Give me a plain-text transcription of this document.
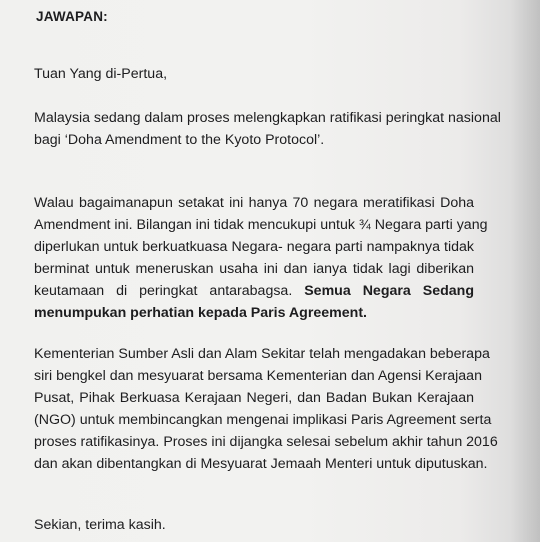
JAWAPAN:
Tuan Yang di-Pertua,
Malaysia sedang dalam proses melengkapkan ratifikasi peringkat nasional
bagi ‘Doha Amendment to the Kyoto Protocol’.
Walau bagaimanapun setakat ini hanya 70 negara meratifikasi Doha
Amendment ini. Bilangan ini tidak mencukupi untuk ¾ Negara parti yang
diperlukan untuk berkuatkuasa Negara- negara parti nampaknya tidak
berminat untuk meneruskan usaha ini dan ianya tidak lagi diberikan
keutamaan di peringkat antarabagsa. Semua Negara Sedang
menumpukan perhatian kepada Paris Agreement.
Kementerian Sumber Asli dan Alam Sekitar telah mengadakan beberapa
siri bengkel dan mesyuarat bersama Kementerian dan Agensi Kerajaan
Pusat, Pihak Berkuasa Kerajaan Negeri, dan Badan Bukan Kerajaan
(NGO) untuk membincangkan mengenai implikasi Paris Agreement serta
proses ratifikasinya. Proses ini dijangka selesai sebelum akhir tahun 2016
dan akan dibentangkan di Mesyuarat Jemaah Menteri untuk diputuskan.
Sekian, terima kasih.
